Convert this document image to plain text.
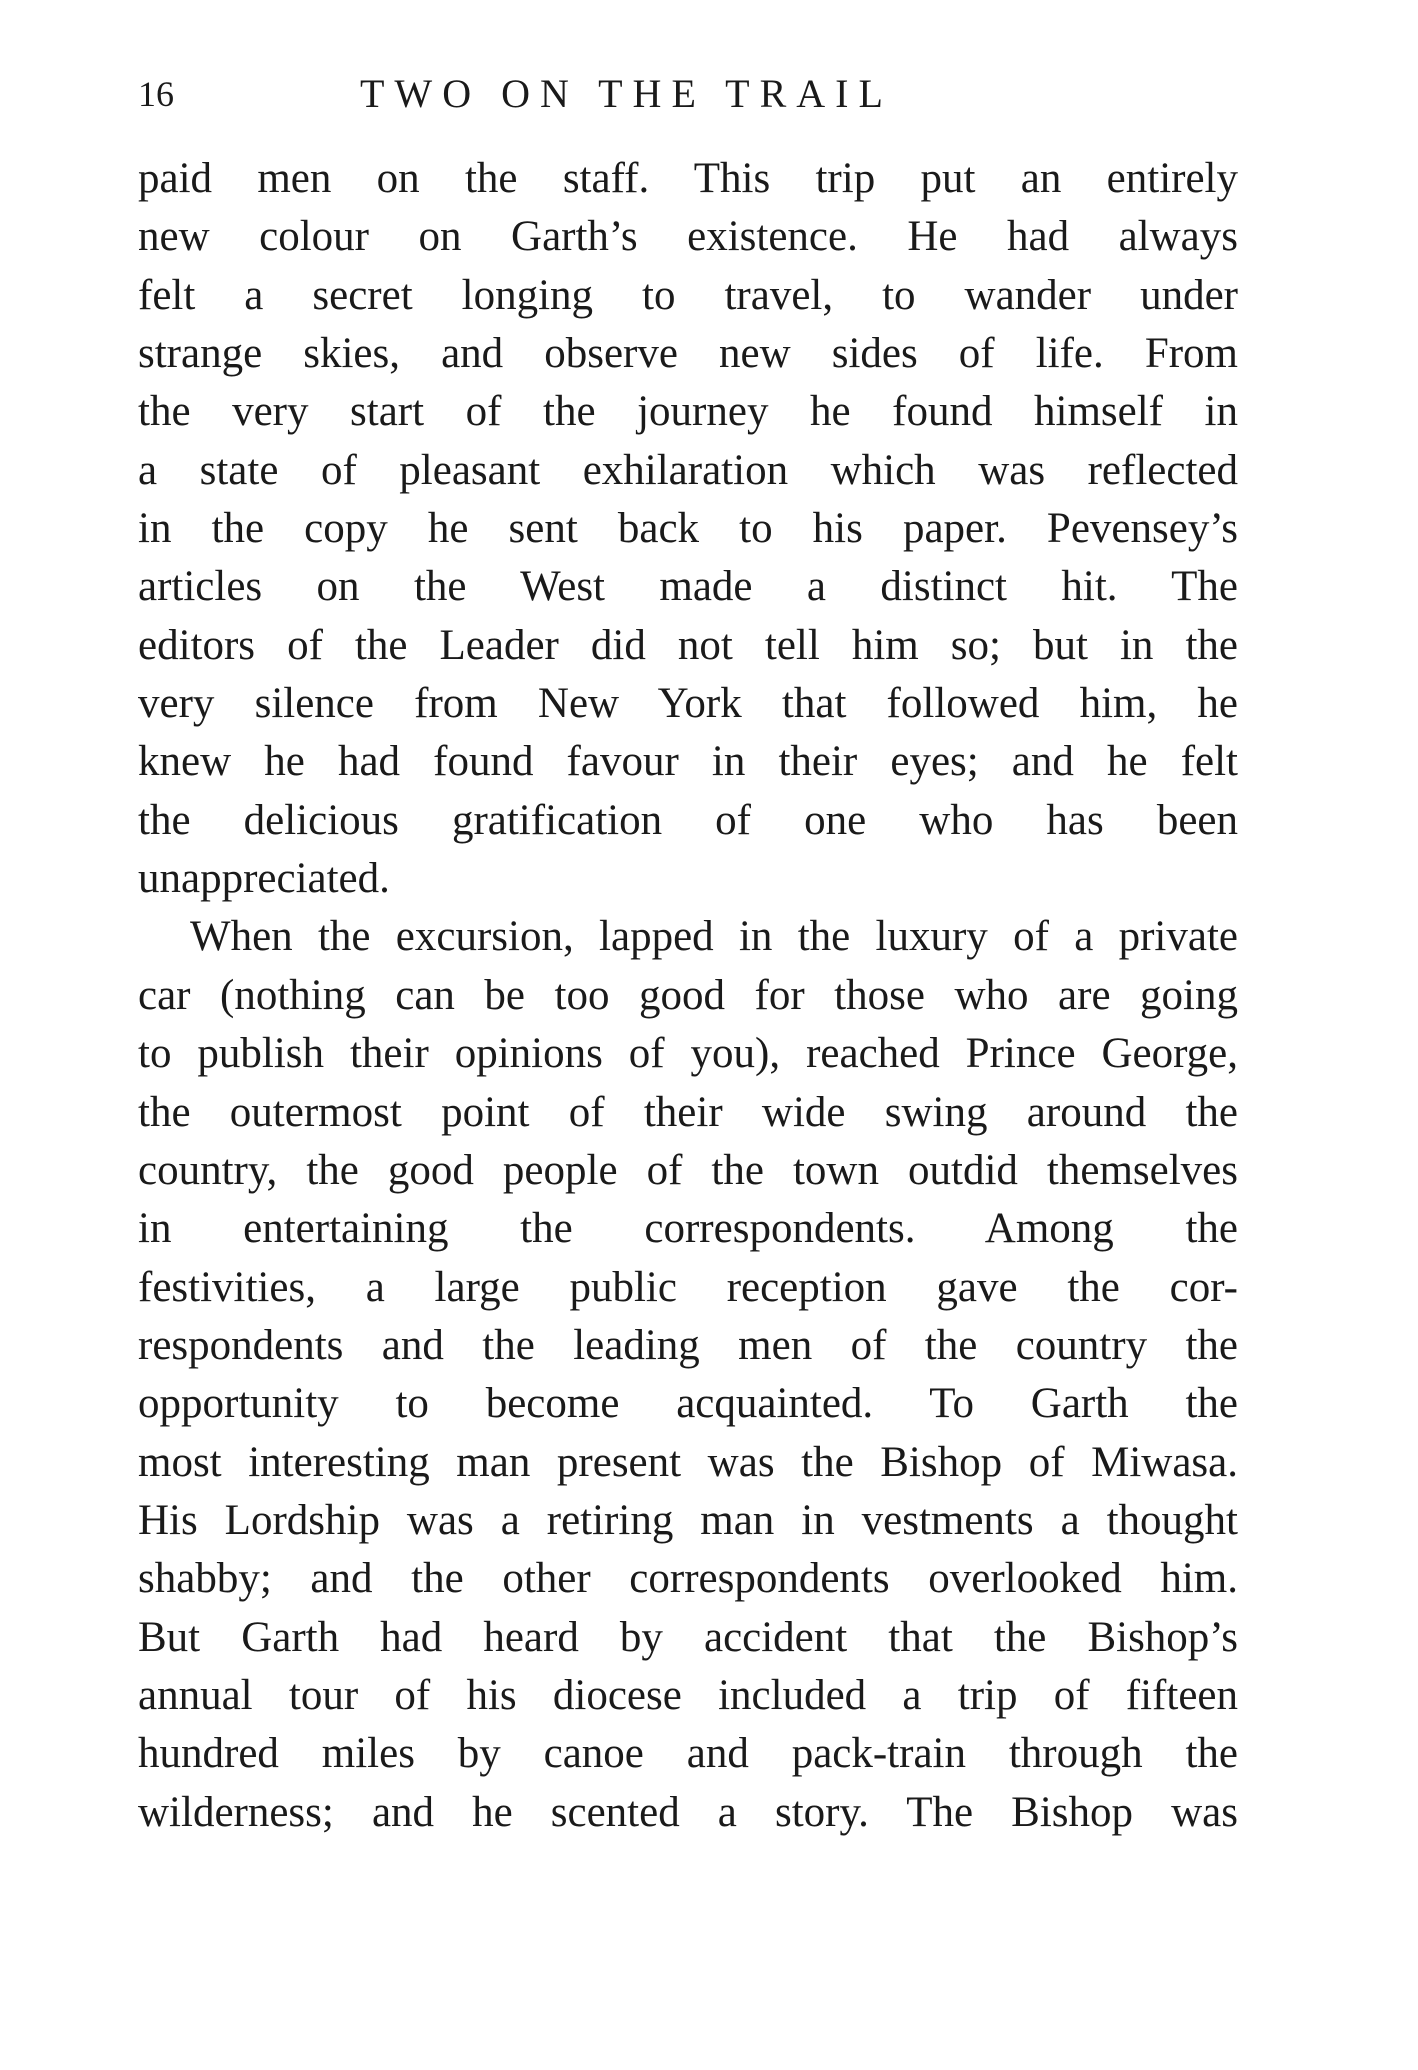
16	TWO ON THE TRAIL
paid men on the staff. This trip put an entirely
new colour on Garth’s existence. He had always
felt a secret longing to travel, to wander under
strange skies, and observe new sides of life. From
the very start of the journey he found himself in
a state of pleasant exhilaration which was reflected
in the copy he sent back to his paper. Pevensey’s
articles on the West made a distinct hit. The
editors of the Leader did not tell him so; but in the
very silence from New York that followed him, he
knew he had found favour in their eyes; and he felt
the delicious gratification of one who has been
unappreciated.
When the excursion, lapped in the luxury of a private
car (nothing can be too good for those who are going
to publish their opinions of you), reached Prince George,
the outermost point of their wide swing around the
country, the good people of the town outdid themselves
in entertaining the correspondents. Among the
festivities, a large public reception gave the cor-
respondents and the leading men of the country the
opportunity to become acquainted. To Garth the
most interesting man present was the Bishop of Miwasa.
His Lordship was a retiring man in vestments a thought
shabby; and the other correspondents overlooked him.
But Garth had heard by accident that the Bishop’s
annual tour of his diocese included a trip of fifteen
hundred miles by canoe and pack-train through the
wilderness; and he scented a story. The Bishop was
